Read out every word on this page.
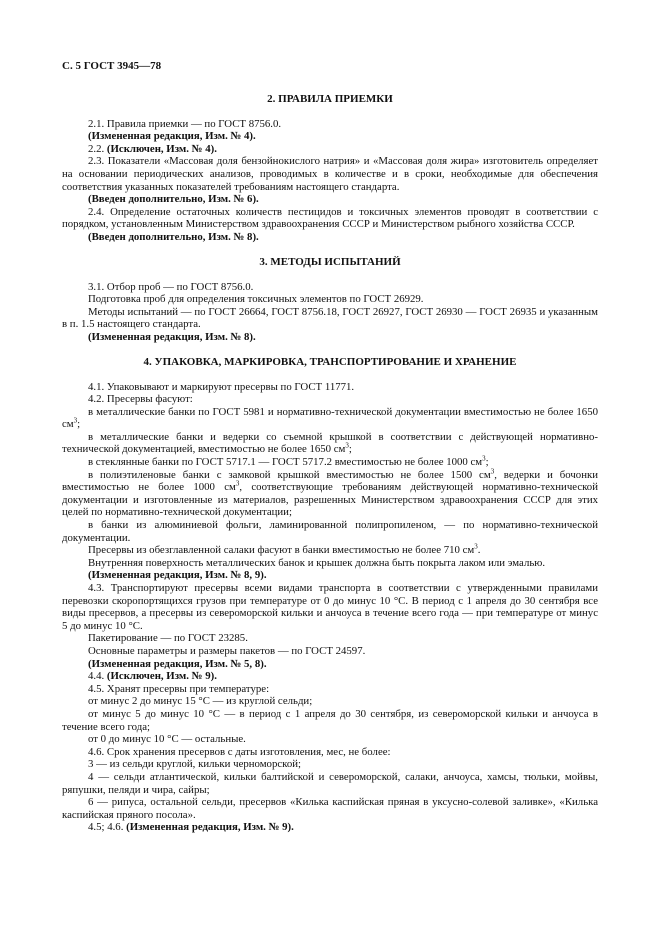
С. 5 ГОСТ 3945—78
2. ПРАВИЛА ПРИЕМКИ

2.1. Правила приемки — по ГОСТ 8756.0.

(Измененная редакция, Изм. № 4).

2.2. (Исключен, Изм. № 4).

2.3. Показатели «Массовая доля бензойнокислого натрия» и «Массовая доля жира» изготовитель определяет на основании периодических анализов, проводимых в количестве и в сроки, необходимые для обеспечения соответствия указанных показателей требованиям настоящего стандарта.

(Введен дополнительно, Изм. № 6).

2.4. Определение остаточных количеств пестицидов и токсичных элементов проводят в соответствии с порядком, установленным Министерством здравоохранения СССР и Министерством рыбного хозяйства СССР.

(Введен дополнительно, Изм. № 8).

3. МЕТОДЫ ИСПЫТАНИЙ

3.1. Отбор проб — по ГОСТ 8756.0.

Подготовка проб для определения токсичных элементов по ГОСТ 26929.

Методы испытаний — по ГОСТ 26664, ГОСТ 8756.18, ГОСТ 26927, ГОСТ 26930 — ГОСТ 26935 и указанным в п. 1.5 настоящего стандарта.

(Измененная редакция, Изм. № 8).

4. УПАКОВКА, МАРКИРОВКА, ТРАНСПОРТИРОВАНИЕ И ХРАНЕНИЕ

4.1. Упаковывают и маркируют пресервы по ГОСТ 11771.

4.2. Пресервы фасуют:

в металлические банки по ГОСТ 5981 и нормативно-технической документации вместимостью не более 1650 $см^3$;

в металлические банки и ведерки со съемной крышкой в соответствии с действующей нормативно-технической документацией, вместимостью не более 1650 $см^3$;

в стеклянные банки по ГОСТ 5717.1 — ГОСТ 5717.2 вместимостью не более 1000 $см^3$;

в полиэтиленовые банки с замковой крышкой вместимостью не более 1500 $см^3$, ведерки и бочонки вместимостью не более 1000 $см^3$, соответствующие требованиям действующей нормативно-технической документации и изготовленные из материалов, разрешенных Министерством здравоохранения СССР для этих целей по нормативно-технической документации;

в банки из алюминиевой фольги, ламинированной полипропиленом, — по нормативно-технической документации.

Пресервы из обезглавленной салаки фасуют в банки вместимостью не более 710 $см^3$.

Внутренняя поверхность металлических банок и крышек должна быть покрыта лаком или эмалью.

(Измененная редакция, Изм. № 8, 9).

4.3. Транспортируют пресервы всеми видами транспорта в соответствии с утвержденными правилами перевозки скоропортящихся грузов при температуре от 0 до минус 10 °С. В период с 1 апреля до 30 сентября все виды пресервов, а пресервы из североморской кильки и анчоуса в течение всего года — при температуре от минус 5 до минус 10 °С.

Пакетирование — по ГОСТ 23285.

Основные параметры и размеры пакетов — по ГОСТ 24597.

(Измененная редакция, Изм. № 5, 8).

4.4. (Исключен, Изм. № 9).

4.5. Хранят пресервы при температуре:

от минус 2 до минус 15 °С — из круглой сельди;

от минус 5 до минус 10 °С — в период с 1 апреля до 30 сентября, из североморской кильки и анчоуса в течение всего года;

от 0 до минус 10 °С — остальные.

4.6. Срок хранения пресервов с даты изготовления, мес, не более:

3 — из сельди круглой, кильки черноморской;

4 — сельди атлантической, кильки балтийской и североморской, салаки, анчоуса, хамсы, тюльки, мойвы, ряпушки, пеляди и чира, сайры;

6 — рипуса, остальной сельди, пресервов «Килька каспийская пряная в уксусно-солевой заливке», «Килька каспийская пряного посола».

4.5; 4.6. (Измененная редакция, Изм. № 9).
